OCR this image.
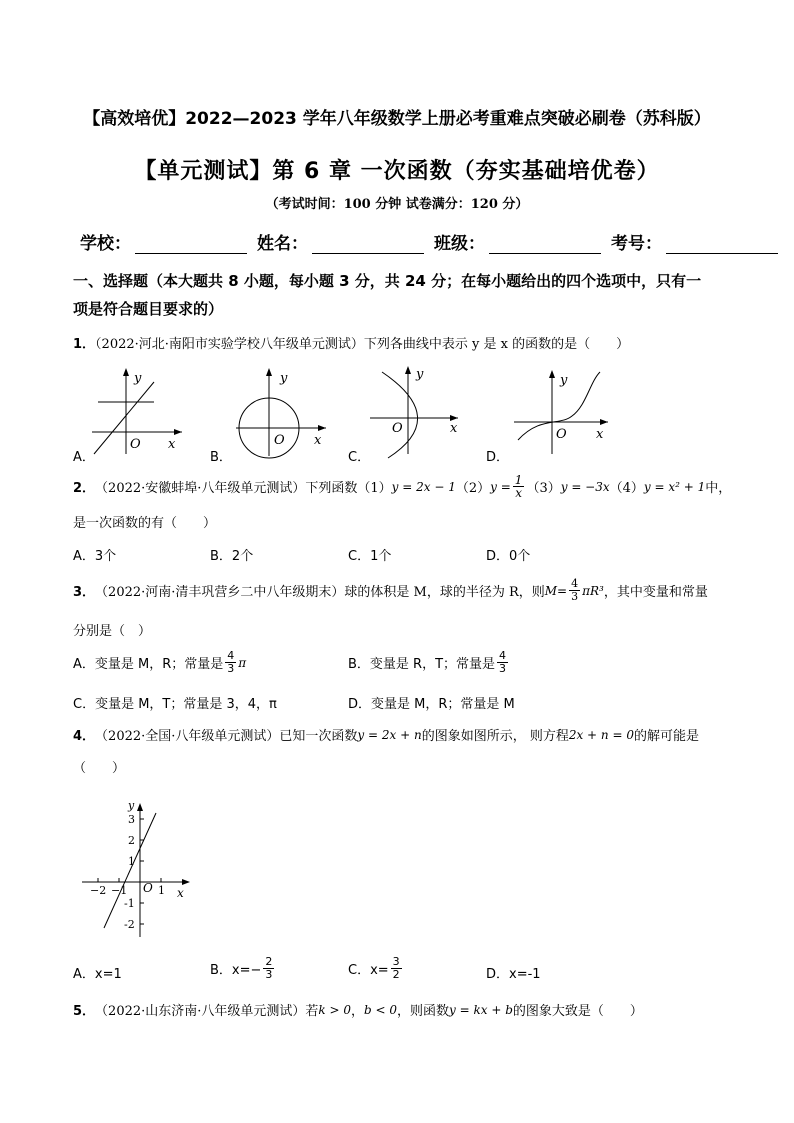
【高效培优】2022—2023 学年八年级数学上册必考重难点突破必刷卷（苏科版）
【单元测试】第 6 章 一次函数（夯实基础培优卷）
（考试时间：100 分钟 试卷满分：120 分）
学校：	姓名：	班级：	考号：
一、选择题（本大题共 8 小题，每小题 3 分，共 24 分；在每小题给出的四个选项中，只有一
项是符合题目要求的）
1．（2022·河北·南阳市实验学校八年级单元测试）下列各曲线中表示 y 是 x 的函数的是（　　）
y
O x
y
O x
y
O	x
y
O x
A．	B．	C．	D．
2． （2022·安徽蚌埠·八年级单元测试）下列函数（1） y = 2x − 1 （2） $y = \frac{1}{x} (3) y = -3x$ （4） y = x² + 1 中，
是一次函数的有（　　）
A．3个	B．2个	C．1个	D．0个
3． （2022·河南·清丰巩营乡二中八年级期末）球的体积是 M，球的半径为 R，则 $M= \frac{4}{3} \pi R^3$ ，其中变量和常量
分别是（　）
A．变量是 M，R；常量是 $\frac{4}{3}$ π	B．变量是 R，T；常量是 $\frac{4}{3}$
C．变量是 M，T；常量是 3，4，π	D．变量是 M，R；常量是 M
4． （2022·全国·八年级单元测试）已知一次函数 y = 2x + n 的图象如图所示， 则方程 2x + n = 0 的解可能是
（　　）
y
3
2
1
-1
-2
−2 −1	1
O x
A．x=1	B．$x=- \frac{2}{3}$	C．$x= \frac{3}{2}$	D．x=-1
5． （2022·山东济南·八年级单元测试）若 k > 0 ， b < 0 ，则函数 y = kx + b 的图象大致是（　　）
